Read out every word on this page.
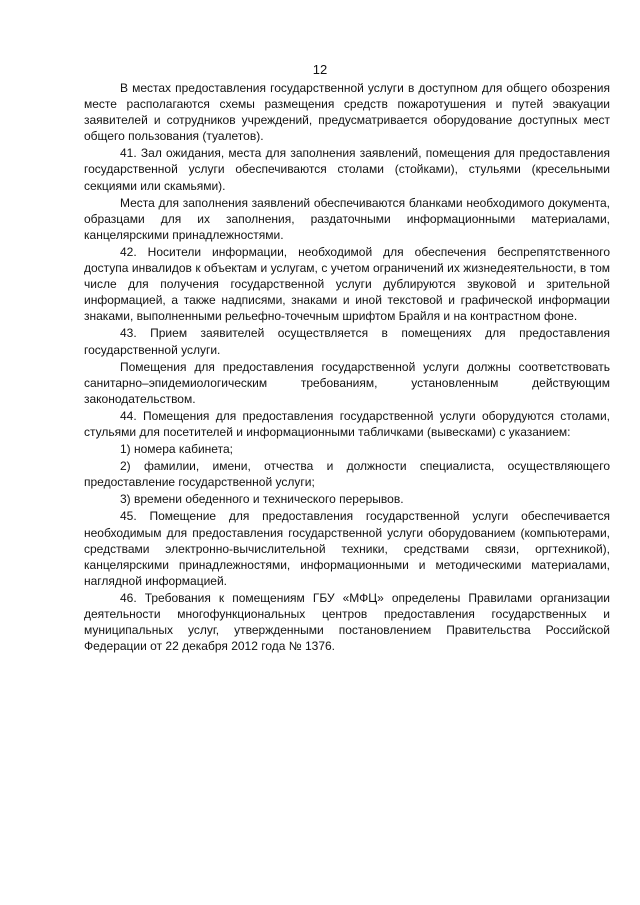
12

В местах предоставления государственной услуги в доступном для общего обозрения месте располагаются схемы размещения средств пожаротушения и путей эвакуации заявителей и сотрудников учреждений, предусматривается оборудование доступных мест общего пользования (туалетов).

41. Зал ожидания, места для заполнения заявлений, помещения для предоставления государственной услуги обеспечиваются столами (стойками), стульями (кресельными секциями или скамьями).

Места для заполнения заявлений обеспечиваются бланками необходимого документа, образцами для их заполнения, раздаточными информационными материалами, канцелярскими принадлежностями.

42. Носители информации, необходимой для обеспечения беспрепятственного доступа инвалидов к объектам и услугам, с учетом ограничений их жизнедеятельности, в том числе для получения государственной услуги дублируются звуковой и зрительной информацией, а также надписями, знаками и иной текстовой и графической информации знаками, выполненными рельефно-точечным шрифтом Брайля и на контрастном фоне.

43. Прием заявителей осуществляется в помещениях для предоставления государственной услуги.

Помещения для предоставления государственной услуги должны соответствовать санитарно–эпидемиологическим требованиям, установленным действующим законодательством.

44. Помещения для предоставления государственной услуги оборудуются столами, стульями для посетителей и информационными табличками (вывесками) с указанием:

1) номера кабинета;

2) фамилии, имени, отчества и должности специалиста, осуществляющего предоставление государственной услуги;

3) времени обеденного и технического перерывов.

45. Помещение для предоставления государственной услуги обеспечивается необходимым для предоставления государственной услуги оборудованием (компьютерами, средствами электронно-вычислительной техники, средствами связи, оргтехникой), канцелярскими принадлежностями, информационными и методическими материалами, наглядной информацией.

46. Требования к помещениям ГБУ «МФЦ» определены Правилами организации деятельности многофункциональных центров предоставления государственных и муниципальных услуг, утвержденными постановлением Правительства Российской Федерации от 22 декабря 2012 года № 1376.
